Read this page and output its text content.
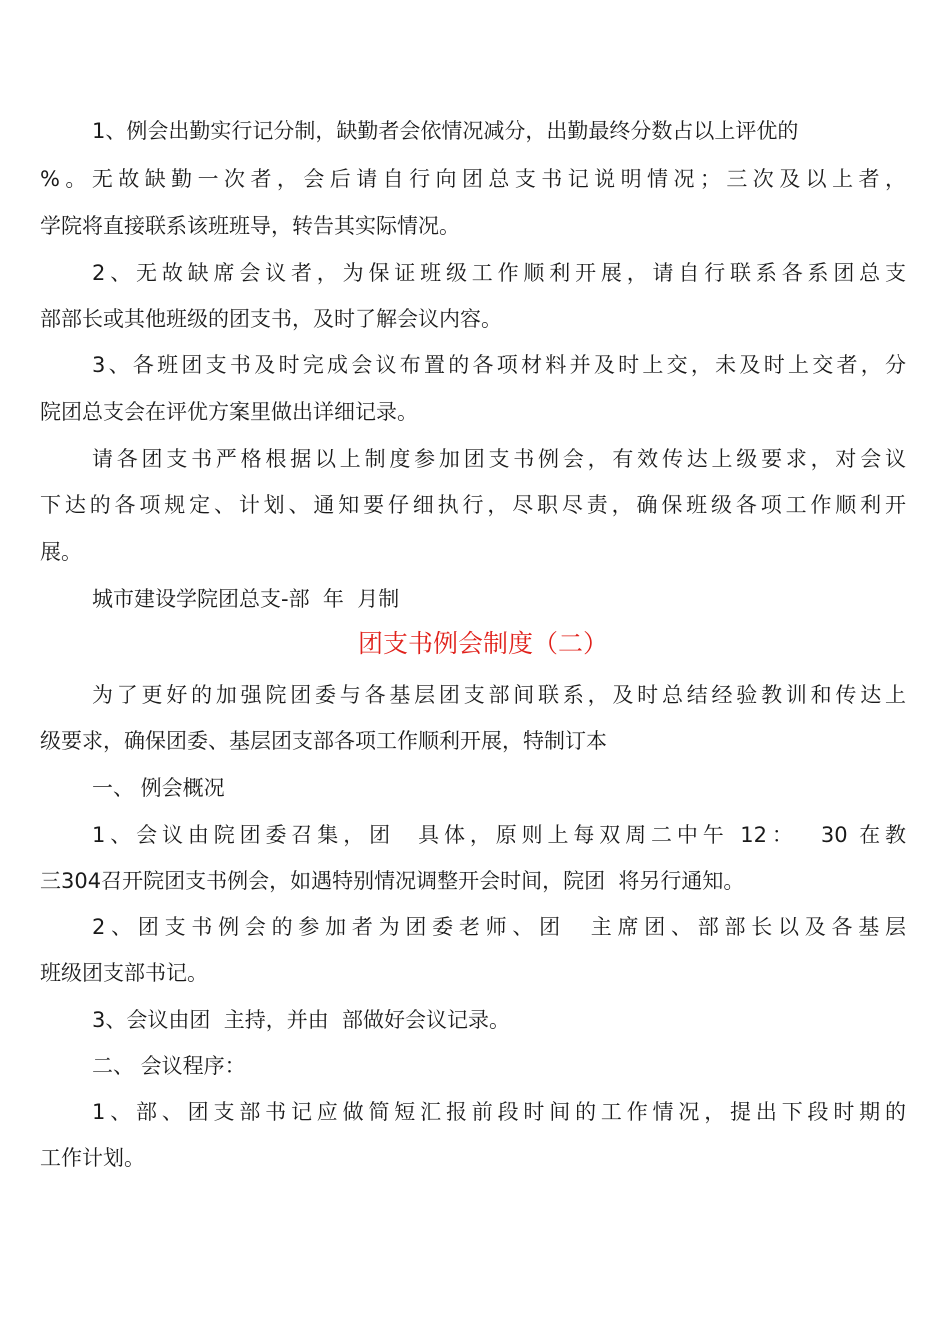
1、例会出勤实行记分制，缺勤者会依情况减分，出勤最终分数占以上评优的
%。无故缺勤一次者，会后请自行向团总支书记说明情况；三次及以上者，
学院将直接联系该班班导，转告其实际情况。
2、无故缺席会议者，为保证班级工作顺利开展，请自行联系各系团总支
部部长或其他班级的团支书，及时了解会议内容。
3、各班团支书及时完成会议布置的各项材料并及时上交，未及时上交者，分
院团总支会在评优方案里做出详细记录。
请各团支书严格根据以上制度参加团支书例会，有效传达上级要求，对会议
下达的各项规定、计划、通知要仔细执行，尽职尽责，确保班级各项工作顺利开
展。
城市建设学院团总支-部  年  月制
团支书例会制度（二）
为了更好的加强院团委与各基层团支部间联系，及时总结经验教训和传达上
级要求，确保团委、基层团支部各项工作顺利开展，特制订本
一、 例会概况
1、会议由院团委召集，团  具体，原则上每双周二中午 12：  30 在教
三304召开院团支书例会，如遇特别情况调整开会时间，院团  将另行通知。
2、团支书例会的参加者为团委老师、团  主席团、部部长以及各基层
班级团支部书记。
3、会议由团  主持，并由  部做好会议记录。
二、 会议程序：
1、部、团支部书记应做简短汇报前段时间的工作情况，提出下段时期的
工作计划。
